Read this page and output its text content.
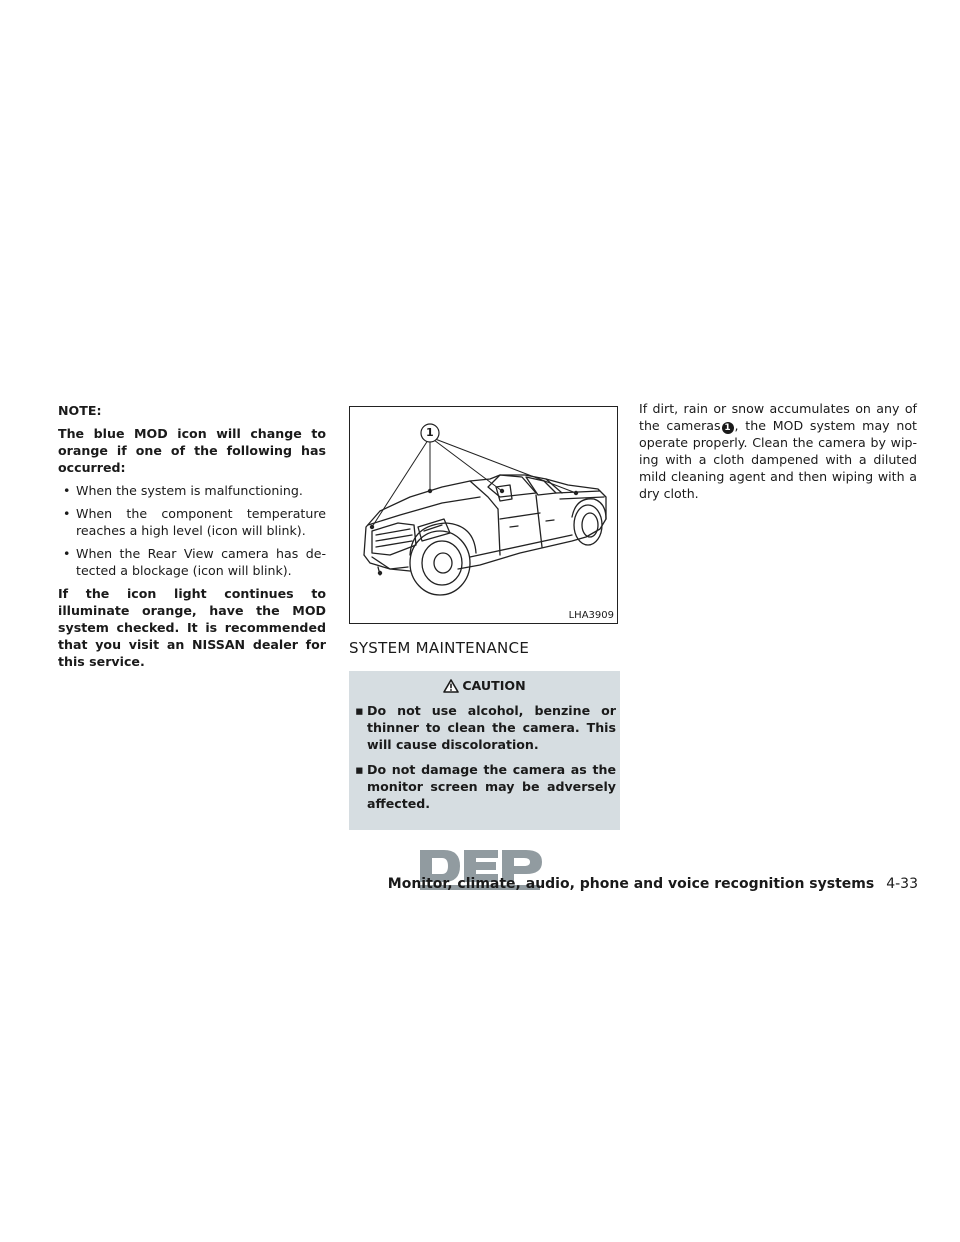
NOTE:

The blue MOD icon will change to orange if one of the following has occurred:

• When the system is malfunctioning.
• When the component temperature reaches a high level (icon will blink).
• When the Rear View camera has de-tected a blockage (icon will blink).

If the icon light continues to illuminate orange, have the MOD system checked. It is recommended that you visit an NISSAN dealer for this service.

1
LHA3909
SYSTEM MAINTENANCE
CAUTION
▪ Do not use alcohol, benzine or thinner to clean the camera. This will cause discoloration.
▪ Do not damage the camera as the monitor screen may be adversely affected.

If dirt, rain or snow accumulates on any of the cameras 1 , the MOD system may not operate properly. Clean the camera by wip-ing with a cloth dampened with a diluted mild cleaning agent and then wiping with a dry cloth.

Monitor, climate, audio, phone and voice recognition systems 4-33
